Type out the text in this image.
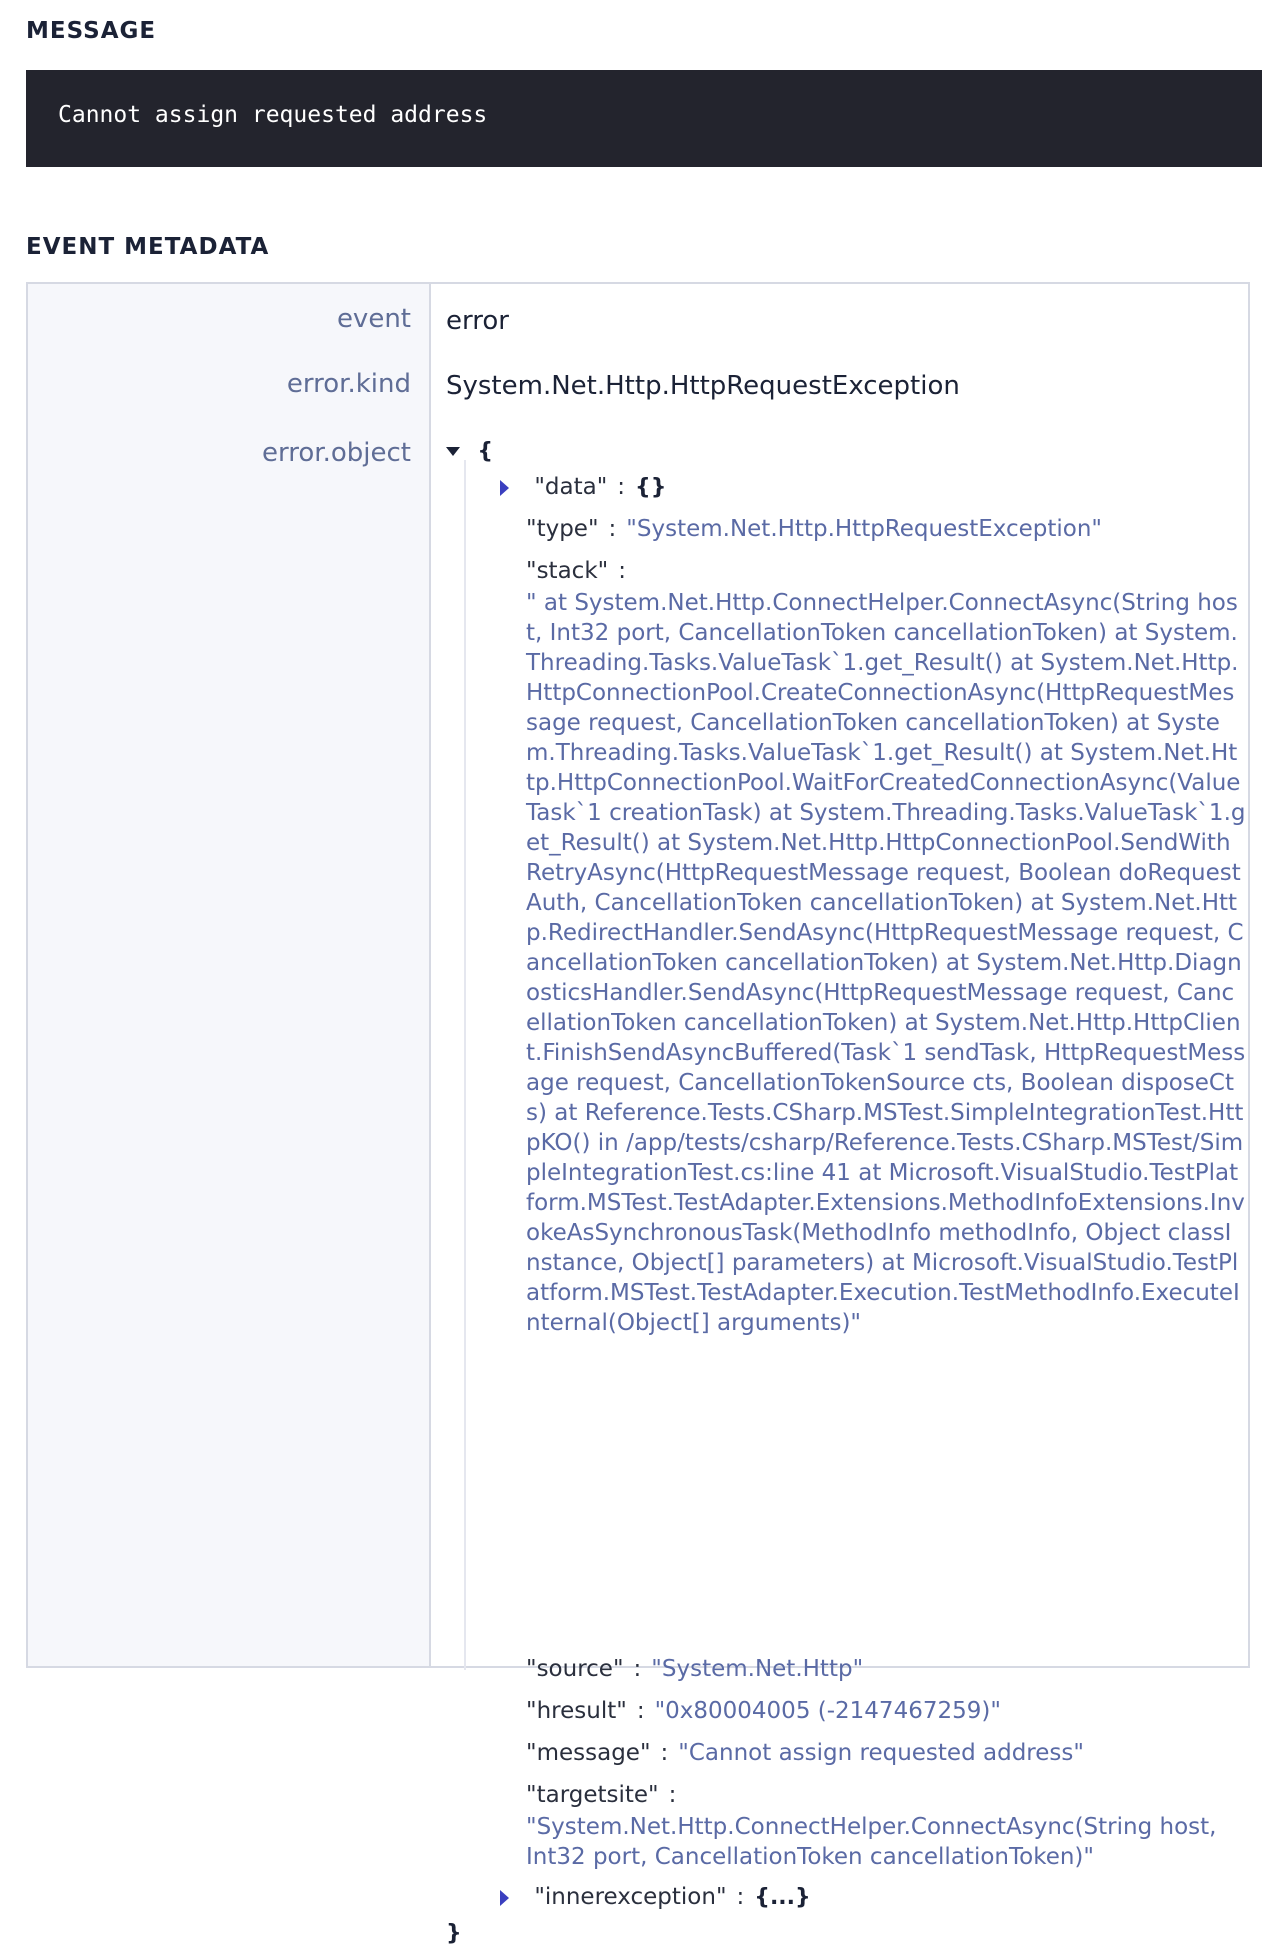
MESSAGE
Cannot assign requested address
EVENT METADATA
event
error.kind
error.object
error
System.Net.Http.HttpRequestException
{
"data" : {}
"type" : "System.Net.Http.HttpRequestException"
"stack" :

" at System.Net.Http.ConnectHelper.ConnectAsync(String host, Int32 port, CancellationToken cancellationToken) at System.Threading.Tasks.ValueTask`1.get_Result() at System.Net.Http.HttpConnectionPool.CreateConnectionAsync(HttpRequestMessage request, CancellationToken cancellationToken) at System.Threading.Tasks.ValueTask`1.get_Result() at System.Net.Http.HttpConnectionPool.WaitForCreatedConnectionAsync(ValueTask`1 creationTask) at System.Threading.Tasks.ValueTask`1.get_Result() at System.Net.Http.HttpConnectionPool.SendWithRetryAsync(HttpRequestMessage request, Boolean doRequestAuth, CancellationToken cancellationToken) at System.Net.Http.RedirectHandler.SendAsync(HttpRequestMessage request, CancellationToken cancellationToken) at System.Net.Http.DiagnosticsHandler.SendAsync(HttpRequestMessage request, CancellationToken cancellationToken) at System.Net.Http.HttpClient.FinishSendAsyncBuffered(Task`1 sendTask, HttpRequestMessage request, CancellationTokenSource cts, Boolean disposeCts) at Reference.Tests.CSharp.MSTest.SimpleIntegrationTest.HttpKO() in /app/tests/csharp/Reference.Tests.CSharp.MSTest/SimpleIntegrationTest.cs:line 41 at Microsoft.VisualStudio.TestPlatform.MSTest.TestAdapter.Extensions.MethodInfoExtensions.InvokeAsSynchronousTask(MethodInfo methodInfo, Object classInstance, Object[] parameters) at Microsoft.VisualStudio.TestPlatform.MSTest.TestAdapter.Execution.TestMethodInfo.ExecuteInternal(Object[] arguments)"

"source" : "System.Net.Http"
"hresult" : "0x80004005 (-2147467259)"
"message" : "Cannot assign requested address"
"targetsite" :

"System.Net.Http.ConnectHelper.ConnectAsync(String host, Int32 port, CancellationToken cancellationToken)"

"innerexception" : {...}
}
